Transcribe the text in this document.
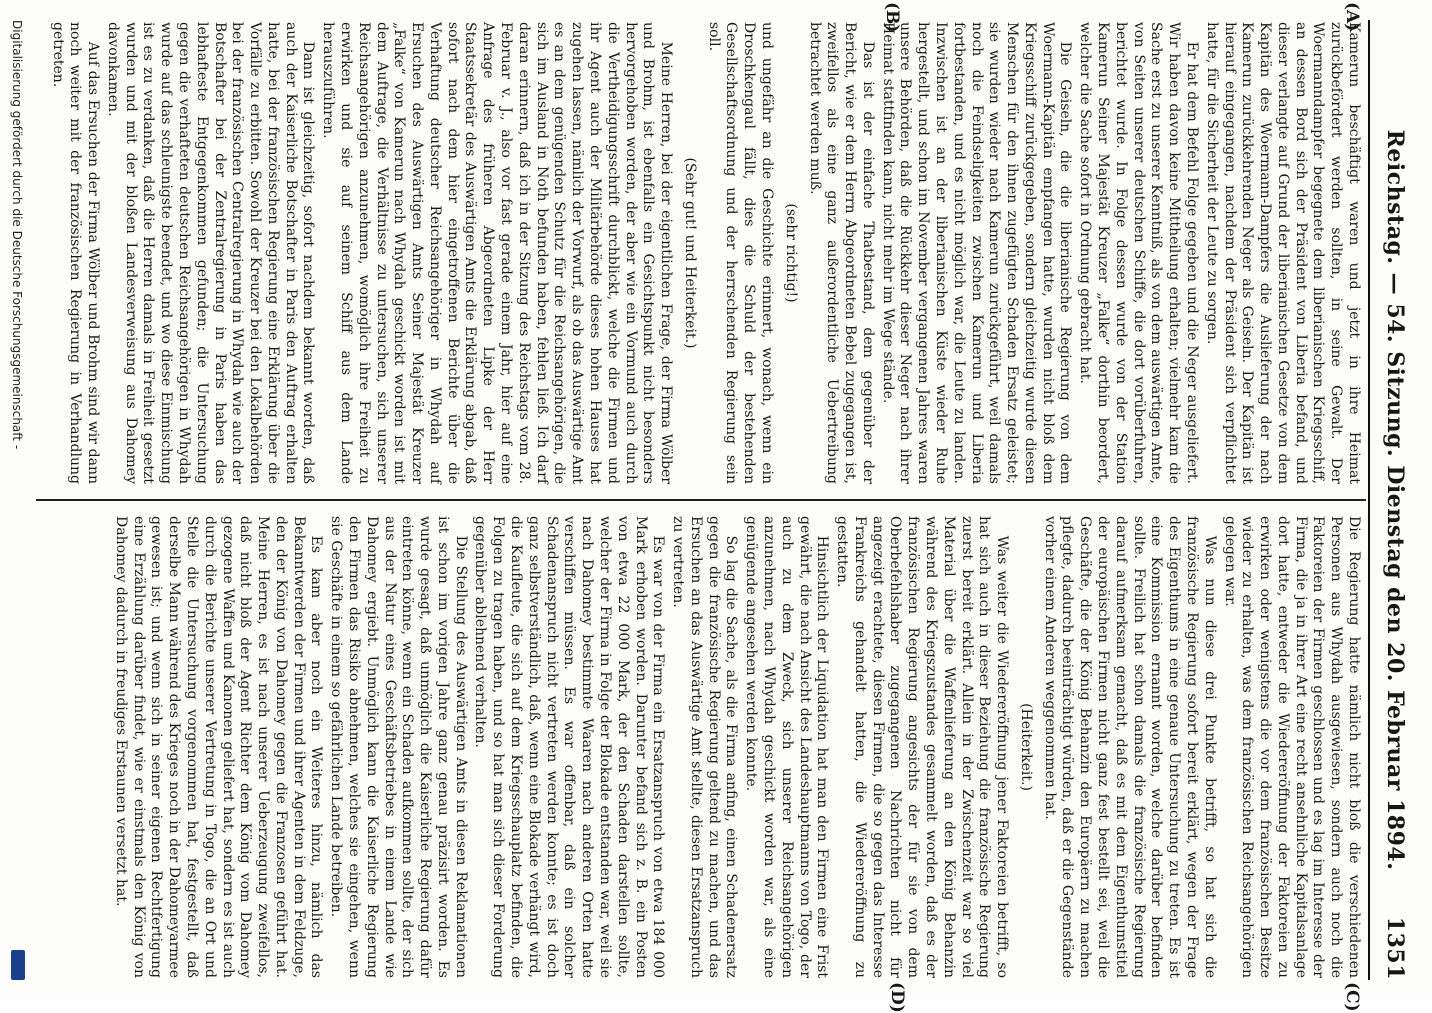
Reichstag. — 54. Sitzung. Dienstag den 20. Februar 1894.
1351
(A)
(B)
(C)
(D)

Kamerun beschäftigt waren und jetzt in ihre Heimat zurückbefördert werden sollten, in seine Gewalt. Der Woermanndampfer begegnete dem liberianischen Kriegsschiff, an dessen Bord sich der Präsident von Liberia befand, und dieser verlangte auf Grund der liberianischen Gesetze von dem Kapitän des Woermann-Dampfers die Auslieferung der nach Kamerun zurückkehrenden Neger als Geiseln. Der Kapitän ist hierauf eingegangen, nachdem der Präsident sich verpflichtet hatte, für die Sicherheit der Leute zu sorgen.

Er hat dem Befehl Folge gegeben und die Neger ausgeliefert. Wir haben davon keine Mittheilung erhalten; vielmehr kam die Sache erst zu unserer Kenntniß, als von dem auswärtigen Amte, von Seiten unserer deutschen Schiffe, die dort vorüberfuhren, berichtet wurde. In Folge dessen wurde von der Station Kamerun Seiner Majestät Kreuzer „Falke“ dorthin beordert, welcher die Sache sofort in Ordnung gebracht hat.

Die Geiseln, die die liberianische Regierung von dem Woermann-Kapitän empfangen hatte, wurden nicht bloß dem Kriegsschiff zurückgegeben, sondern gleichzeitig wurde diesen Menschen für den ihnen zugefügten Schaden Ersatz geleistet; sie wurden wieder nach Kamerun zurückgeführt, weil damals noch die Feindseligkeiten zwischen Kamerun und Liberia fortbestanden, und es nicht möglich war, die Leute zu landen. Inzwischen ist an der liberianischen Küste wieder Ruhe hergestellt, und schon im November vergangenen Jahres waren unsere Behörden, daß die Rückkehr dieser Neger nach ihrer Heimat stattfinden kann, nicht mehr im Wege stände.

Das ist der einfache Thatbestand, dem gegenüber der Bericht, wie er dem Herrn Abgeordneten Bebel zugegangen ist, zweifellos als eine ganz außerordentliche Uebertreibung betrachtet werden muß.

(sehr richtig!)

und ungefähr an die Geschichte erinnert, wonach, wenn ein Droschkengaul fällt, dies die Schuld der bestehenden Gesellschaftsordnung und der herrschenden Regierung sein soll.

(Sehr gut! und Heiterkeit.)

Meine Herren, bei der eigentlichen Frage, der Firma Wölber und Brohm, ist ebenfalls ein Gesichtspunkt nicht besonders hervorgehoben worden, der aber wie ein Vormund auch durch die Vertheidigungsschrift durchblickt, welche die Firmen und ihr Agent auch der Militärbehörde dieses hohen Hauses hat zugehen lassen, nämlich der Vorwurf, als ob das Auswärtige Amt es an dem genügenden Schutz für die Reichsangehörigen, die sich im Ausland in Noth befunden haben, fehlen ließ. Ich darf daran erinnern, daß ich in der Sitzung des Reichstags vom 28. Februar v. J., also vor fast gerade einem Jahr, hier auf eine Anfrage des früheren Abgeordneten Lipke der Herr Staatssekretär des Auswärtigen Amts die Erklärung abgab, daß sofort nach dem hier eingetroffenen Berichte über die Verhaftung deutscher Reichsangehöriger in Whydah auf Ersuchen des Auswärtigen Amts Seiner Majestät Kreuzer „Falke“ von Kamerun nach Whydah geschickt worden ist mit dem Auftrage, die Verhältnisse zu untersuchen, sich unserer Reichsangehörigen anzunehmen, womöglich ihre Freiheit zu erwirken und sie auf seinem Schiff aus dem Lande herauszuführen.

Dann ist gleichzeitig, sofort nachdem bekannt worden, daß auch der Kaiserliche Botschafter in Paris den Auftrag erhalten hatte, bei der französischen Regierung eine Erklärung über die Vorfälle zu erbitten. Sowohl der Kreuzer bei den Lokalbehörden bei der französischen Centralregierung in Whydah wie auch der Botschafter bei der Zentralregierung in Paris haben das lebhafteste Entgegenkommen gefunden; die Untersuchung gegen die verhafteten deutschen Reichsangehörigen in Whydah wurde auf das schleunigste beendet, und wo diese Einmischung ist es zu verdanken, daß die Herren damals in Freiheit gesetzt wurden und mit der bloßen Landesverweisung aus Dahomey davonkamen.

Auf das Ersuchen der Firma Wölber und Brohm sind wir dann noch weiter mit der französischen Regierung in Verhandlung getreten.

Die Regierung hatte nämlich nicht bloß die verschiedenen Personen aus Whydah ausgewiesen, sondern auch noch die Faktoreien der Firmen geschlossen und es lag im Interesse der Firma, die ja in ihrer Art eine recht ansehnliche Kapitalsanlage dort hatte, entweder die Wiedereröffnung der Faktoreien zu erwirken oder wenigstens die vor dem französischen Besitze wieder zu erhalten, was dem französischen Reichsangehörigen gelegen war.

Was nun diese drei Punkte betrifft, so hat sich die französische Regierung sofort bereit erklärt, wegen der Frage des Eigenthums in eine genaue Untersuchung zu treten. Es ist eine Kommission ernannt worden, welche darüber befinden sollte. Freilich hat schon damals die französische Regierung darauf aufmerksam gemacht, daß es mit dem Eigenthumstitel der europäischen Firmen nicht ganz fest bestellt sei, weil die Geschäfte, die der König Behanzin den Europäern zu machen pflegte, dadurch beeinträchtigt würden, daß er die Gegenstände vorher einem Anderen weggenommen hat.

(Heiterkeit.)

Was weiter die Wiedereröffnung jener Faktoreien betrifft, so hat sich auch in dieser Beziehung die französische Regierung zuerst bereit erklärt. Allein in der Zwischenzeit war so viel Material über die Waffenlieferung an den König Behanzin während des Kriegszustandes gesammelt worden, daß es der französischen Regierung angesichts der für sie von dem Oberbefehlshaber zugegangenen Nachrichten nicht für angezeigt erachtete, diesen Firmen, die so gegen das Interesse Frankreichs gehandelt hatten, die Wiedereröffnung zu gestatten.

Hinsichtlich der Liquidation hat man den Firmen eine Frist gewährt, die nach Ansicht des Landeshauptmanns von Togo, der auch zu dem Zweck, sich unserer Reichsangehörigen anzunehmen, nach Whydah geschickt worden war, als eine genügende angesehen werden konnte.

So lag die Sache, als die Firma anfing, einen Schadenersatz gegen die französische Regierung geltend zu machen, und das Ersuchen an das Auswärtige Amt stellte, diesen Ersatzanspruch zu vertreten.

Es war von der Firma ein Ersatzanspruch von etwa 184 000 Mark erhoben worden. Darunter befand sich z. B. ein Posten von etwa 22 000 Mark, der den Schaden darstellen sollte, welcher der Firma in Folge der Blokade entstanden war, weil sie nach Dahomey bestimmte Waaren nach anderen Orten hatte verschiffen müssen. Es war offenbar, daß ein solcher Schadenanspruch nicht vertreten werden konnte; es ist doch ganz selbstverständlich, daß, wenn eine Blokade verhängt wird, die Kaufleute, die sich auf dem Kriegsschauplatz befinden, die Folgen zu tragen haben, und so hat man sich dieser Forderung gegenüber ablehnend verhalten.

Die Stellung des Auswärtigen Amts in diesen Reklamationen ist schon im vorigen Jahre ganz genau präzisirt worden. Es wurde gesagt, daß unmöglich die Kaiserliche Regierung dafür eintreten könne, wenn ein Schaden aufkommen sollte, der sich aus der Natur eines Geschäftsbetriebes in einem Lande wie Dahomey ergiebt. Unmöglich kann die Kaiserliche Regierung den Firmen das Risiko abnehmen, welches sie eingehen, wenn sie Geschäfte in einem so gefährlichen Lande betreiben.

Es kam aber noch ein Weiteres hinzu, nämlich das Bekanntwerden der Firmen und ihrer Agenten in dem Feldzuge, den der König von Dahomey gegen die Franzosen geführt hat. Meine Herren, es ist nach unserer Ueberzeugung zweifellos, daß nicht bloß der Agent Richter dem König vom Dahomey gezogene Waffen und Kanonen geliefert hat, sondern es ist auch durch die Berichte unserer Vertretung in Togo, die an Ort und Stelle die Untersuchung vorgenommen hat, festgestellt, daß derselbe Mann während des Krieges noch in der Dahomeyarmee gewesen ist; und wenn sich in seiner eigenen Rechtfertigung eine Erzählung darüber findet, wie er einstmals den König von Dahomey dadurch in freudiges Erstaunen versetzt hat.

Digitalisierung gefördert durch die Deutsche Forschungsgemeinschaft -
